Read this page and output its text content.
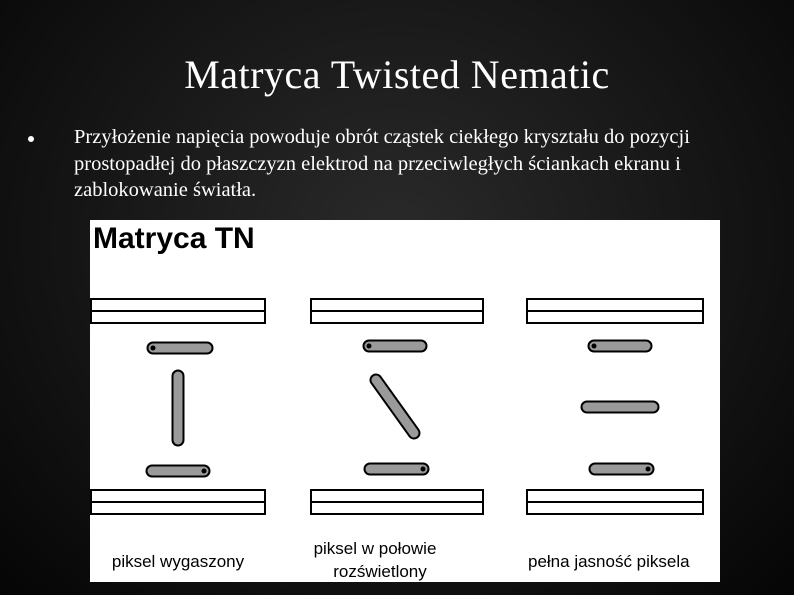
Matryca Twisted Nematic
Przyłożenie napięcia powoduje obrót cząstek ciekłego kryształu do pozycji prostopadłej do płaszczyzn elektrod na przeciwległych ściankach ekranu i zablokowanie światła.
Matryca TN
piksel wygaszony
piksel w połowie
rozświetlony
pełna jasność piksela
